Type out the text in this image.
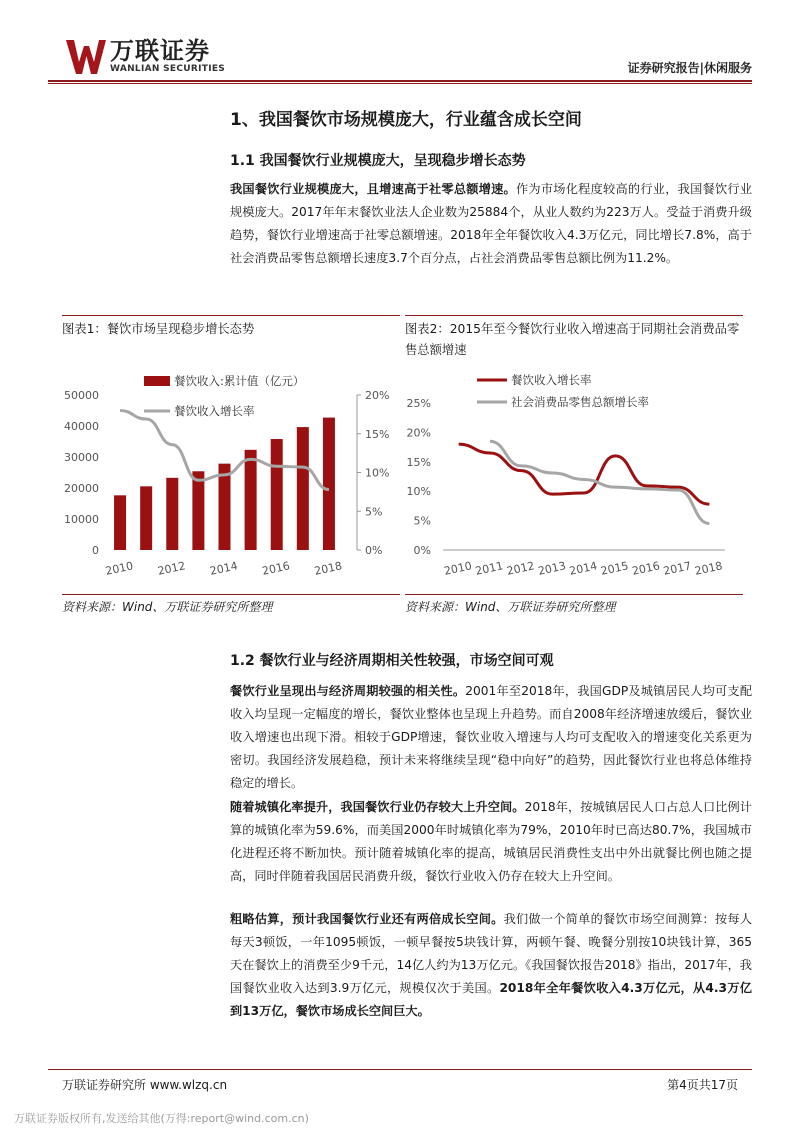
万联证券
WANLIAN SECURITIES	证券研究报告|休闲服务
1、我国餐饮市场规模庞大，行业蕴含成长空间
1.1 我国餐饮行业规模庞大，呈现稳步增长态势
我国餐饮行业规模庞大，且增速高于社零总额增速。作为市场化程度较高的行业，我国餐饮行业规模庞大。2017年年末餐饮业法人企业数为25884个，从业人数约为223万人。受益于消费升级趋势，餐饮行业增速高于社零总额增速。2018年全年餐饮收入4.3万亿元，同比增长7.8%，高于社会消费品零售总额增长速度3.7个百分点，占社会消费品零售总额比例为11.2%。
图表1：餐饮市场呈现稳步增长态势	图表2：2015年至今餐饮行业收入增速高于同期社会消费品零售总额增速
0
10000
20000
30000
40000
50000
0%
5%
10%
15%
20%
2010 2012 2014 2016 2018
餐饮收入:累计值（亿元）
餐饮收入增长率
0%
5%
10%
15%
20%
25%
2010 2011 2012 2013 2014 2015 2016 2017 2018
餐饮收入增长率
社会消费品零售总额增长率
资料来源：Wind、万联证券研究所整理	资料来源：Wind、万联证券研究所整理
1.2 餐饮行业与经济周期相关性较强，市场空间可观
餐饮行业呈现出与经济周期较强的相关性。2001年至2018年，我国GDP及城镇居民人均可支配收入均呈现一定幅度的增长，餐饮业整体也呈现上升趋势。而自2008年经济增速放缓后，餐饮业收入增速也出现下滑。相较于GDP增速，餐饮业收入增速与人均可支配收入的增速变化关系更为密切。我国经济发展趋稳，预计未来将继续呈现“稳中向好”的趋势，因此餐饮行业也将总体维持稳定的增长。
随着城镇化率提升，我国餐饮行业仍存较大上升空间。2018年，按城镇居民人口占总人口比例计算的城镇化率为59.6%，而美国2000年时城镇化率为79%，2010年时已高达80.7%，我国城市化进程还将不断加快。预计随着城镇化率的提高，城镇居民消费性支出中外出就餐比例也随之提高，同时伴随着我国居民消费升级，餐饮行业收入仍存在较大上升空间。
粗略估算，预计我国餐饮行业还有两倍成长空间。我们做一个简单的餐饮市场空间测算：按每人每天3顿饭，一年1095顿饭，一顿早餐按5块钱计算，两顿午餐、晚餐分别按10块钱计算，365天在餐饮上的消费至少9千元，14亿人约为13万亿元。《我国餐饮报告2018》指出，2017年，我国餐饮业收入达到3.9万亿元，规模仅次于美国。2018年全年餐饮收入4.3万亿元，从4.3万亿到13万亿，餐饮市场成长空间巨大。
万联证券研究所 www.wlzq.cn	第4页共17页
万联证券版权所有,发送给其他(万得:report@wind.com.cn)
